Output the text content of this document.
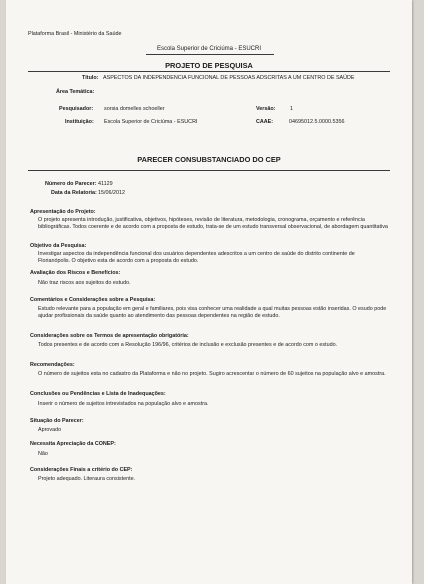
Plataforma Brasil - Ministério da Saúde
Escola Superior de Criciúma - ESUCRI
PROJETO DE PESQUISA
Título: ASPECTOS DA INDEPENDENCIA FUNCIONAL DE PESSOAS ADSCRITAS A UM CENTRO DE SAÚDE
Área Temática:
Pesquisador: sorsia domelles schoeller	Versão:	1
Instituição: Escola Superior de Criciúma - ESUCRI	CAAE:	04695012.5.0000.5356
PARECER CONSUBSTANCIADO DO CEP
Número do Parecer: 41129
Data da Relatoria: 15/06/2012
Apresentação do Projeto:
O projeto apresenta introdução, justificativa, objetivos, hipóteses, revisão de literatura, metodologia, cronograma, orçamento e referência bibliográficas. Todos coerente e de acordo com a proposta de estudo, trata-se de um estudo transversal observacional, de abordagem quantitativa
Objetivo da Pesquisa:
Investigar aspectos da independência funcional dos usuários dependentes adescritos a um centro de saúde do distrito continente de Florianópolis. O objetivo esta de acordo com a proposta do estudo.
Avaliação dos Riscos e Benefícios:
Não traz riscos aos sujeitos do estudo.
Comentários e Considerações sobre a Pesquisa:
Estudo relevante para a população em geral e familiares, pois visa conhecer uma realidade a qual muitas pessoas estão inseridas. O esudo pode ajudar profissionais da saúde quanto ao atendimento das pessoas dependentes na região de estudo.
Considerações sobre os Termos de apresentação obrigatória:
Todos presentes e de acordo com a Resolução 196/96, critérios de inclusão e exclusão presentes e de acordo com o estudo.
Recomendações:
O número de sujeitos esta no cadastro da Plataforma e não no projeto. Sugiro acrescentar o número de 60 sujeitos na população alvo e amostra.
Conclusões ou Pendências e Lista de Inadequações:
Inserir o número de sujeitos intrevistados na população alvo e amostra.
Situação do Parecer:
Aprovado
Necessita Apreciação da CONEP:
Não
Considerações Finais a critério do CEP:
Projeto adequado. Literaura consistente.
